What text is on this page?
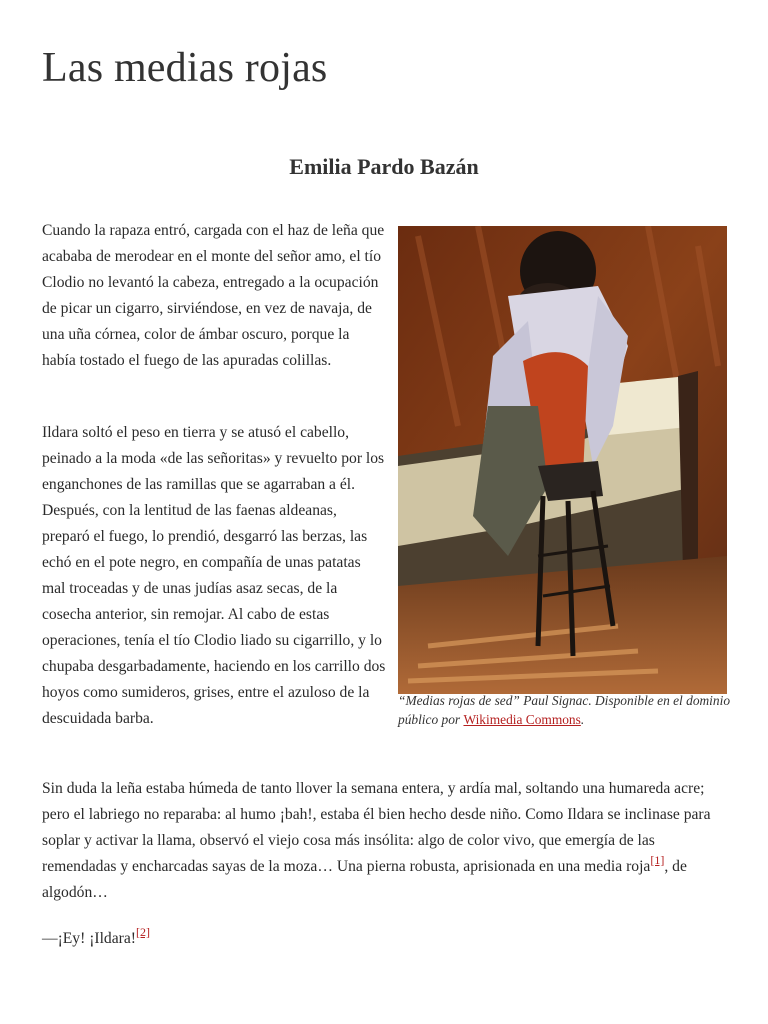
Las medias rojas
Emilia Pardo Bazán

Cuando la rapaza entró, cargada con el haz de leña que acababa de merodear en el monte del señor amo, el tío Clodio no levantó la cabeza, entregado a la ocupación de picar un cigarro, sirviéndose, en vez de navaja, de una uña córnea, color de ámbar oscuro, porque la había tostado el fuego de las apuradas colillas.

Ildara soltó el peso en tierra y se atusó el cabello, peinado a la moda «de las señoritas» y revuelto por los enganchones de las ramillas que se agarraban a él. Después, con la lentitud de las faenas aldeanas, preparó el fuego, lo prendió, desgarró las berzas, las echó en el pote negro, en compañía de unas patatas mal troceadas y de unas judías asaz secas, de la cosecha anterior, sin remojar. Al cabo de estas operaciones, tenía el tío Clodio liado su cigarrillo, y lo chupaba desgarbadamente, haciendo en los carrillo dos hoyos como sumideros, grises, entre el azuloso de la descuidada barba.

Sin duda la leña estaba húmeda de tanto llover la semana entera, y ardía mal, soltando una humareda acre; pero el labriego no reparaba: al humo ¡bah!, estaba él bien hecho desde niño. Como Ildara se inclinase para soplar y activar la llama, observó el viejo cosa más insólita: algo de color vivo, que emergía de las remendadas y encharcadas sayas de la moza… Una pierna robusta, aprisionada en una media roja[1], de algodón…

—¡Ey! ¡Ildara![2]

“Medias rojas de sed” Paul Signac. Disponible en el dominio público por Wikimedia Commons.
